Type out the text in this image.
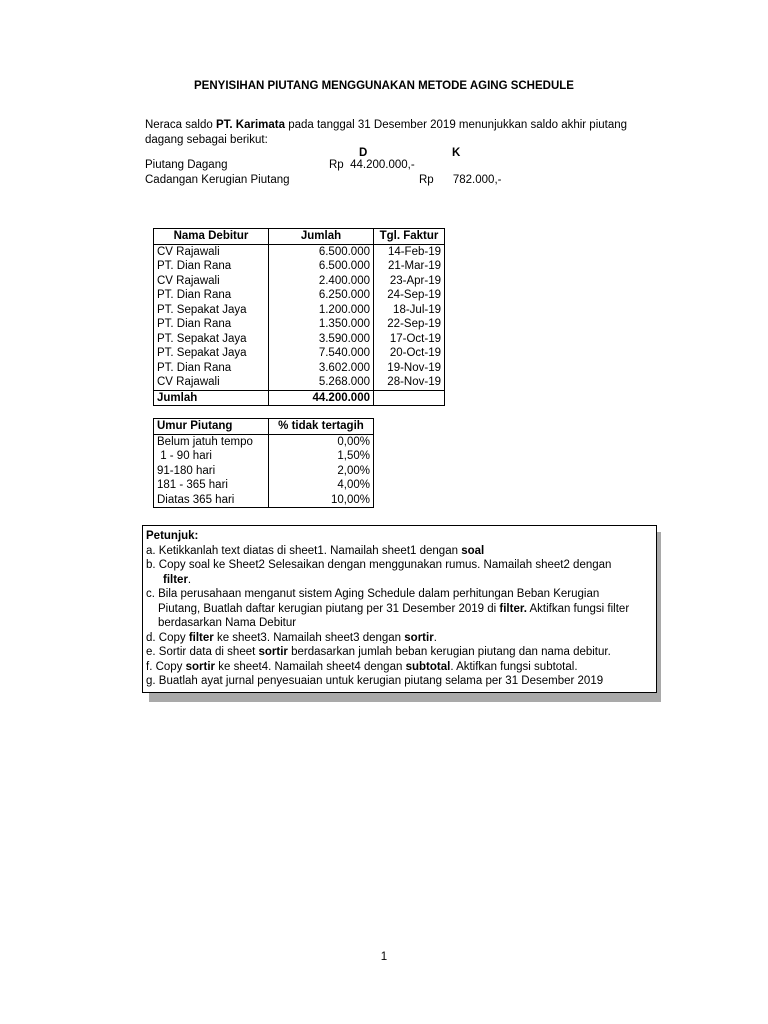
PENYISIHAN PIUTANG MENGGUNAKAN METODE AGING SCHEDULE
Neraca saldo PT. Karimata pada tanggal 31 Desember 2019 menunjukkan saldo akhir piutang dagang sebagai berikut:
D	K
Piutang Dagang	Rp  44.200.000,-
Cadangan Kerugian Piutang	Rp      782.000,-
Nama Debitur	Jumlah	Tgl. Faktur
CV Rajawali	6.500.000	14-Feb-19
PT. Dian Rana	6.500.000	21-Mar-19
CV Rajawali	2.400.000	23-Apr-19
PT. Dian Rana	6.250.000	24-Sep-19
PT. Sepakat Jaya	1.200.000	18-Jul-19
PT. Dian Rana	1.350.000	22-Sep-19
PT. Sepakat Jaya	3.590.000	17-Oct-19
PT. Sepakat Jaya	7.540.000	20-Oct-19
PT. Dian Rana	3.602.000	19-Nov-19
CV Rajawali	5.268.000	28-Nov-19
Jumlah	44.200.000	
Umur Piutang	% tidak tertagih
Belum jatuh tempo	0,00%
1 - 90 hari	1,50%
91-180 hari	2,00%
181 - 365 hari	4,00%
Diatas 365 hari	10,00%
Petunjuk:
a. Ketikkanlah text diatas di sheet1. Namailah sheet1 dengan soal
b. Copy soal ke Sheet2 Selesaikan dengan menggunakan rumus. Namailah sheet2 dengan
filter.
c. Bila perusahaan menganut sistem Aging Schedule dalam perhitungan Beban Kerugian
Piutang, Buatlah daftar kerugian piutang per 31 Desember 2019 di filter. Aktifkan fungsi filter
berdasarkan Nama Debitur
d. Copy filter ke sheet3. Namailah sheet3 dengan sortir.
e. Sortir data di sheet sortir berdasarkan jumlah beban kerugian piutang dan nama debitur.
f. Copy sortir ke sheet4. Namailah sheet4 dengan subtotal. Aktifkan fungsi subtotal.
g. Buatlah ayat jurnal penyesuaian untuk kerugian piutang selama per 31 Desember 2019
1
